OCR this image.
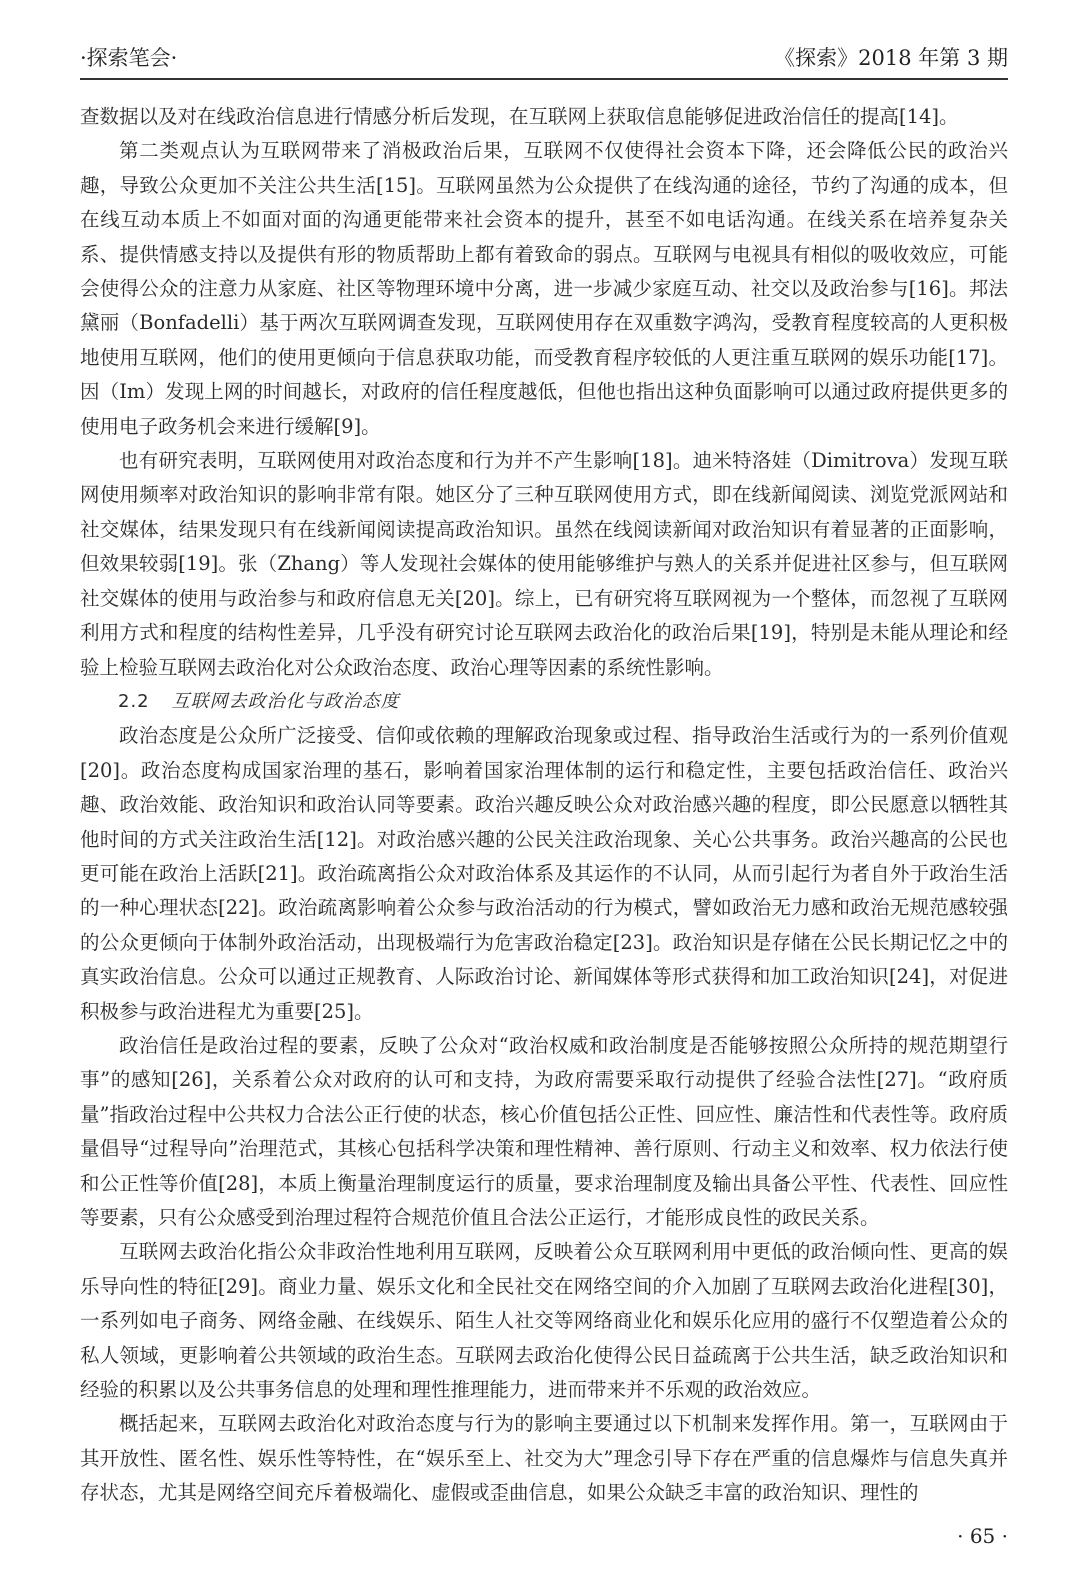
·探索笔会·	《探索》2018 年第 3 期

查数据以及对在线政治信息进行情感分析后发现，在互联网上获取信息能够促进政治信任的提高[14]。

第二类观点认为互联网带来了消极政治后果，互联网不仅使得社会资本下降，还会降低公民的政治兴趣，导致公众更加不关注公共生活[15]。互联网虽然为公众提供了在线沟通的途径，节约了沟通的成本，但在线互动本质上不如面对面的沟通更能带来社会资本的提升，甚至不如电话沟通。在线关系在培养复杂关系、提供情感支持以及提供有形的物质帮助上都有着致命的弱点。互联网与电视具有相似的吸收效应，可能会使得公众的注意力从家庭、社区等物理环境中分离，进一步减少家庭互动、社交以及政治参与[16]。邦法黛丽（Bonfadelli）基于两次互联网调查发现，互联网使用存在双重数字鸿沟，受教育程度较高的人更积极地使用互联网，他们的使用更倾向于信息获取功能，而受教育程序较低的人更注重互联网的娱乐功能[17]。因（Im）发现上网的时间越长，对政府的信任程度越低，但他也指出这种负面影响可以通过政府提供更多的使用电子政务机会来进行缓解[9]。

也有研究表明，互联网使用对政治态度和行为并不产生影响[18]。迪米特洛娃（Dimitrova）发现互联网使用频率对政治知识的影响非常有限。她区分了三种互联网使用方式，即在线新闻阅读、浏览党派网站和社交媒体，结果发现只有在线新闻阅读提高政治知识。虽然在线阅读新闻对政治知识有着显著的正面影响，但效果较弱[19]。张（Zhang）等人发现社会媒体的使用能够维护与熟人的关系并促进社区参与，但互联网社交媒体的使用与政治参与和政府信息无关[20]。综上，已有研究将互联网视为一个整体，而忽视了互联网利用方式和程度的结构性差异，几乎没有研究讨论互联网去政治化的政治后果[19]，特别是未能从理论和经验上检验互联网去政治化对公众政治态度、政治心理等因素的系统性影响。

2.2 互联网去政治化与政治态度

政治态度是公众所广泛接受、信仰或依赖的理解政治现象或过程、指导政治生活或行为的一系列价值观[20]。政治态度构成国家治理的基石，影响着国家治理体制的运行和稳定性，主要包括政治信任、政治兴趣、政治效能、政治知识和政治认同等要素。政治兴趣反映公众对政治感兴趣的程度，即公民愿意以牺牲其他时间的方式关注政治生活[12]。对政治感兴趣的公民关注政治现象、关心公共事务。政治兴趣高的公民也更可能在政治上活跃[21]。政治疏离指公众对政治体系及其运作的不认同，从而引起行为者自外于政治生活的一种心理状态[22]。政治疏离影响着公众参与政治活动的行为模式，譬如政治无力感和政治无规范感较强的公众更倾向于体制外政治活动，出现极端行为危害政治稳定[23]。政治知识是存储在公民长期记忆之中的真实政治信息。公众可以通过正规教育、人际政治讨论、新闻媒体等形式获得和加工政治知识[24]，对促进积极参与政治进程尤为重要[25]。

政治信任是政治过程的要素，反映了公众对“政治权威和政治制度是否能够按照公众所持的规范期望行事”的感知[26]，关系着公众对政府的认可和支持，为政府需要采取行动提供了经验合法性[27]。“政府质量”指政治过程中公共权力合法公正行使的状态，核心价值包括公正性、回应性、廉洁性和代表性等。政府质量倡导“过程导向”治理范式，其核心包括科学决策和理性精神、善行原则、行动主义和效率、权力依法行使和公正性等价值[28]，本质上衡量治理制度运行的质量，要求治理制度及输出具备公平性、代表性、回应性等要素，只有公众感受到治理过程符合规范价值且合法公正运行，才能形成良性的政民关系。

互联网去政治化指公众非政治性地利用互联网，反映着公众互联网利用中更低的政治倾向性、更高的娱乐导向性的特征[29]。商业力量、娱乐文化和全民社交在网络空间的介入加剧了互联网去政治化进程[30]，一系列如电子商务、网络金融、在线娱乐、陌生人社交等网络商业化和娱乐化应用的盛行不仅塑造着公众的私人领域，更影响着公共领域的政治生态。互联网去政治化使得公民日益疏离于公共生活，缺乏政治知识和经验的积累以及公共事务信息的处理和理性推理能力，进而带来并不乐观的政治效应。

概括起来，互联网去政治化对政治态度与行为的影响主要通过以下机制来发挥作用。第一，互联网由于其开放性、匿名性、娱乐性等特性，在“娱乐至上、社交为大”理念引导下存在严重的信息爆炸与信息失真并存状态，尤其是网络空间充斥着极端化、虚假或歪曲信息，如果公众缺乏丰富的政治知识、理性的

· 65 ·
